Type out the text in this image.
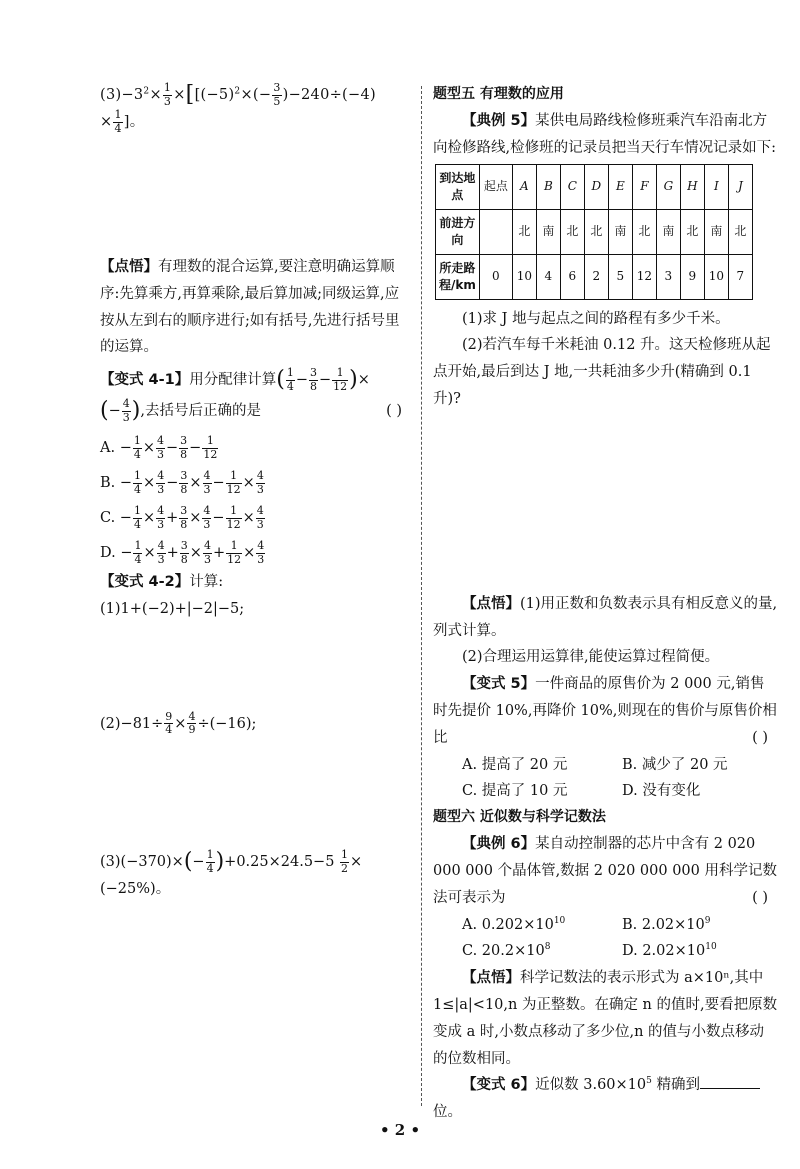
$(3)-3^2\times \frac{1}{3} \times[[(-5)^2\times(- \frac{3}{5} )-240\div(-4)$

× $\frac{1}{4}$ ]。

【点悟】有理数的混合运算,要注意明确运算顺序:先算乘方,再算乘除,最后算加减;同级运算,应按从左到右的顺序进行;如有括号,先进行括号里的运算。

【变式 4-1】用分配律计算( $\frac{1}{4} - \frac{3}{8} - \frac{1}{12}$ )×

(− $\frac{4}{3}$ ),去括号后正确的是	( )

A. − $\frac{1}{4} \times \frac{4}{3} - \frac{3}{8} - \frac{1}{12}$

B. − $\frac{1}{4} \times \frac{4}{3} - \frac{3}{8} \times \frac{4}{3} - \frac{1}{12} \times \frac{4}{3}$

C. − $\frac{1}{4} \times \frac{4}{3} + \frac{3}{8} \times \frac{4}{3} - \frac{1}{12} \times \frac{4}{3}$

D. − $\frac{1}{4} \times \frac{4}{3} + \frac{3}{8} \times \frac{4}{3} + \frac{1}{12} \times \frac{4}{3}$

【变式 4-2】计算:

(1)1+(−2)+|−2|−5;

$(2)-81\div \frac{9}{4} \times \frac{4}{9} \div(-16)$;

$(3)(-370)\times(- \frac{1}{4} )+0.25\times 24.5-5 \frac{1}{2}$ ×

(−25%)。

题型五 有理数的应用

【典例 5】某供电局路线检修班乘汽车沿南北方向检修路线,检修班的记录员把当天行车情况记录如下:

到达地点	起点	A	B	C	D	E	F	G	H	I	J
前进方向		北	南	北	北	南	北	南	北	南	北
所走路程/km	0	10	4	6	2	5	12	3	9	10	7

(1)求 J 地与起点之间的路程有多少千米。

(2)若汽车每千米耗油 0.12 升。这天检修班从起点开始,最后到达 J 地,一共耗油多少升(精确到 0.1 升)?

【点悟】(1)用正数和负数表示具有相反意义的量,列式计算。

(2)合理运用运算律,能使运算过程简便。

【变式 5】一件商品的原售价为 2 000 元,销售时先提价 10%,再降价 10%,则现在的售价与原售价相比	( )

A. 提高了 20 元	B. 减少了 20 元
C. 提高了 10 元	D. 没有变化

题型六 近似数与科学记数法

【典例 6】某自动控制器的芯片中含有 2 020 000 000 个晶体管,数据 2 020 000 000 用科学记数法可表示为	( )

A. $0.202\times 10^{10}$	B. $2.02\times 10^9$
C. $20.2\times 10^8$	D. $2.02\times 10^{10}$

【点悟】科学记数法的表示形式为 a×10ⁿ,其中 1≤|a|<10,n 为正整数。在确定 n 的值时,要看把原数变成 a 时,小数点移动了多少位,n 的值与小数点移动的位数相同。

【变式 6】近似数 $3.60\times 10^5$ 精确到位。

• 2 •
